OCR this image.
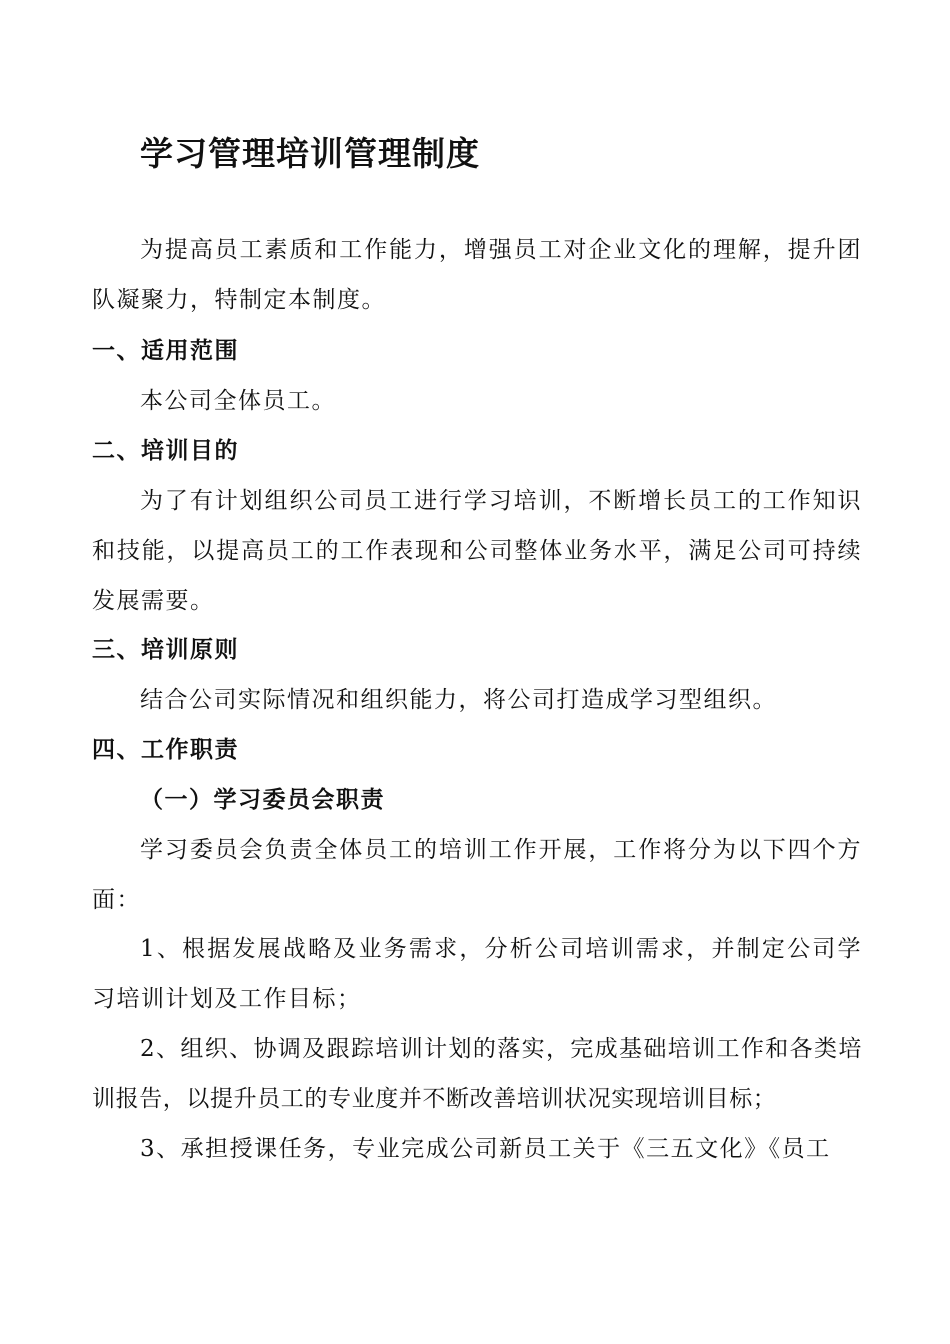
学习管理培训管理制度
为提高员工素质和工作能力，增强员工对企业文化的理解，提升团队凝聚力，特制定本制度。
一、适用范围
本公司全体员工。
二、培训目的
为了有计划组织公司员工进行学习培训，不断增长员工的工作知识和技能，以提高员工的工作表现和公司整体业务水平，满足公司可持续发展需要。
三、培训原则
结合公司实际情况和组织能力，将公司打造成学习型组织。
四、工作职责
（一）学习委员会职责
学习委员会负责全体员工的培训工作开展，工作将分为以下四个方面：
1、根据发展战略及业务需求，分析公司培训需求，并制定公司学习培训计划及工作目标；
2、组织、协调及跟踪培训计划的落实，完成基础培训工作和各类培训报告，以提升员工的专业度并不断改善培训状况实现培训目标；
3、承担授课任务，专业完成公司新员工关于《三五文化》《员工
